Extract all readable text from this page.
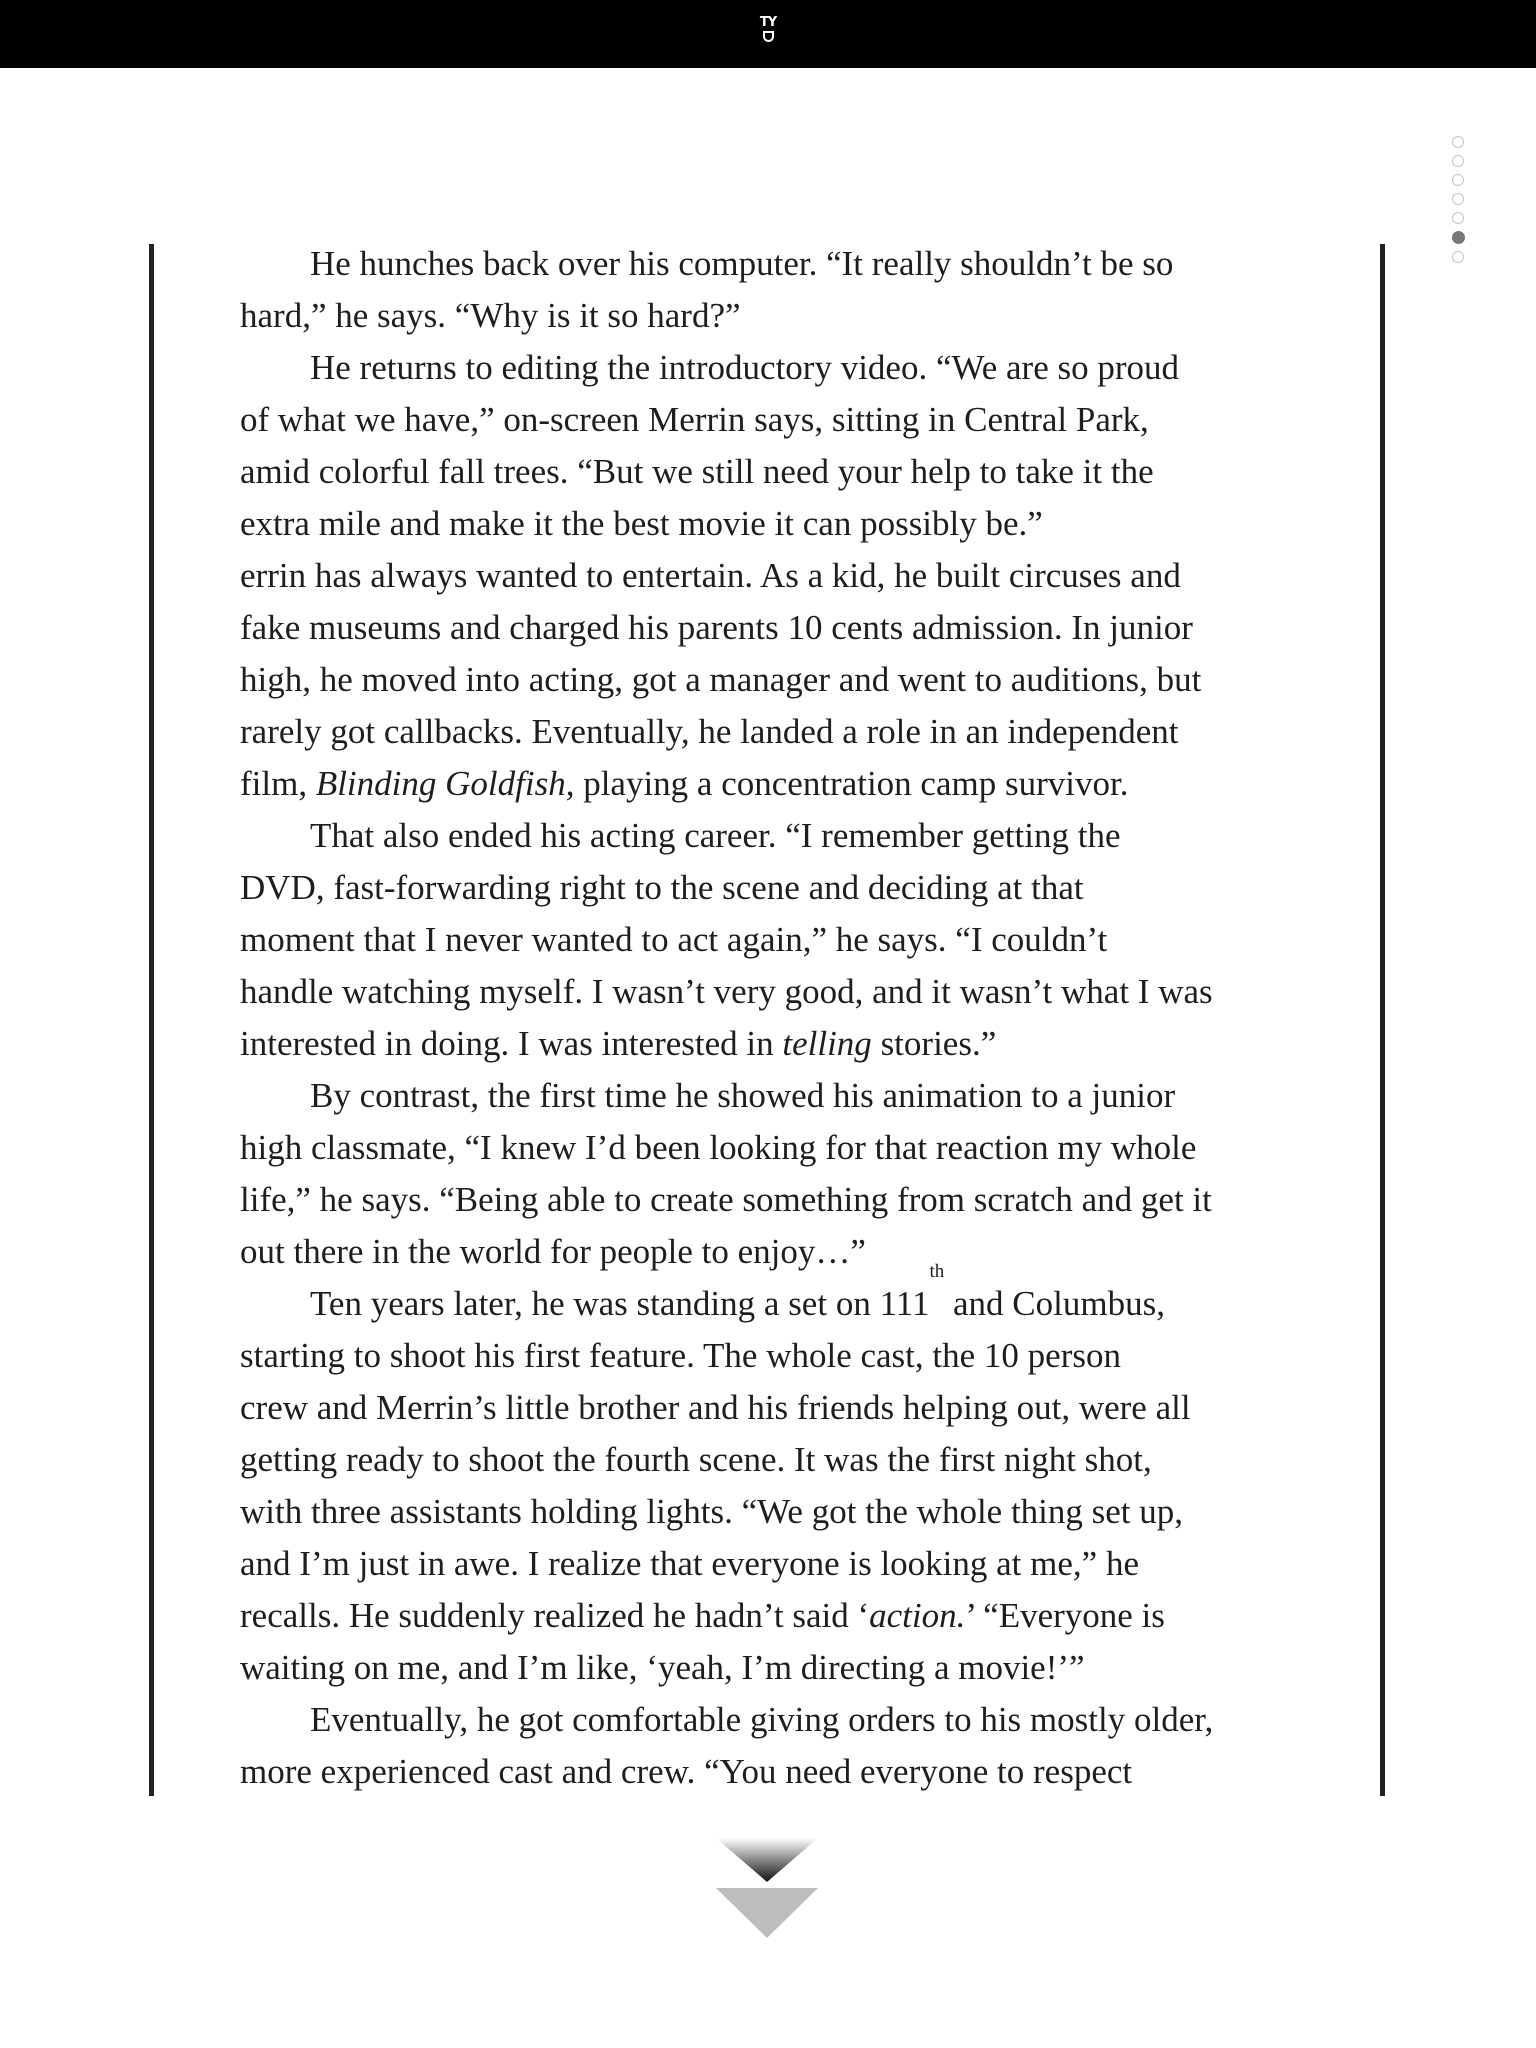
TY

He hunches back over his computer. “It really shouldn’t be so
hard,” he says. “Why is it so hard?”

He returns to editing the introductory video. “We are so proud
of what we have,” on-screen Merrin says, sitting in Central Park,
amid colorful fall trees. “But we still need your help to take it the
extra mile and make it the best movie it can possibly be.”

errin has always wanted to entertain. As a kid, he built circuses and
fake museums and charged his parents 10 cents admission. In junior
high, he moved into acting, got a manager and went to auditions, but
rarely got callbacks. Eventually, he landed a role in an independent
film, Blinding Goldfish, playing a concentration camp survivor.

That also ended his acting career. “I remember getting the
DVD, fast-forwarding right to the scene and deciding at that
moment that I never wanted to act again,” he says. “I couldn’t
handle watching myself. I wasn’t very good, and it wasn’t what I was
interested in doing. I was interested in telling stories.”

By contrast, the first time he showed his animation to a junior
high classmate, “I knew I’d been looking for that reaction my whole
life,” he says. “Being able to create something from scratch and get it
out there in the world for people to enjoy…”

Ten years later, he was standing a set on 111th and Columbus,
starting to shoot his first feature. The whole cast, the 10 person
crew and Merrin’s little brother and his friends helping out, were all
getting ready to shoot the fourth scene. It was the first night shot,
with three assistants holding lights. “We got the whole thing set up,
and I’m just in awe. I realize that everyone is looking at me,” he
recalls. He suddenly realized he hadn’t said ‘action.’ “Everyone is
waiting on me, and I’m like, ‘yeah, I’m directing a movie!’”

Eventually, he got comfortable giving orders to his mostly older,
more experienced cast and crew. “You need everyone to respect
